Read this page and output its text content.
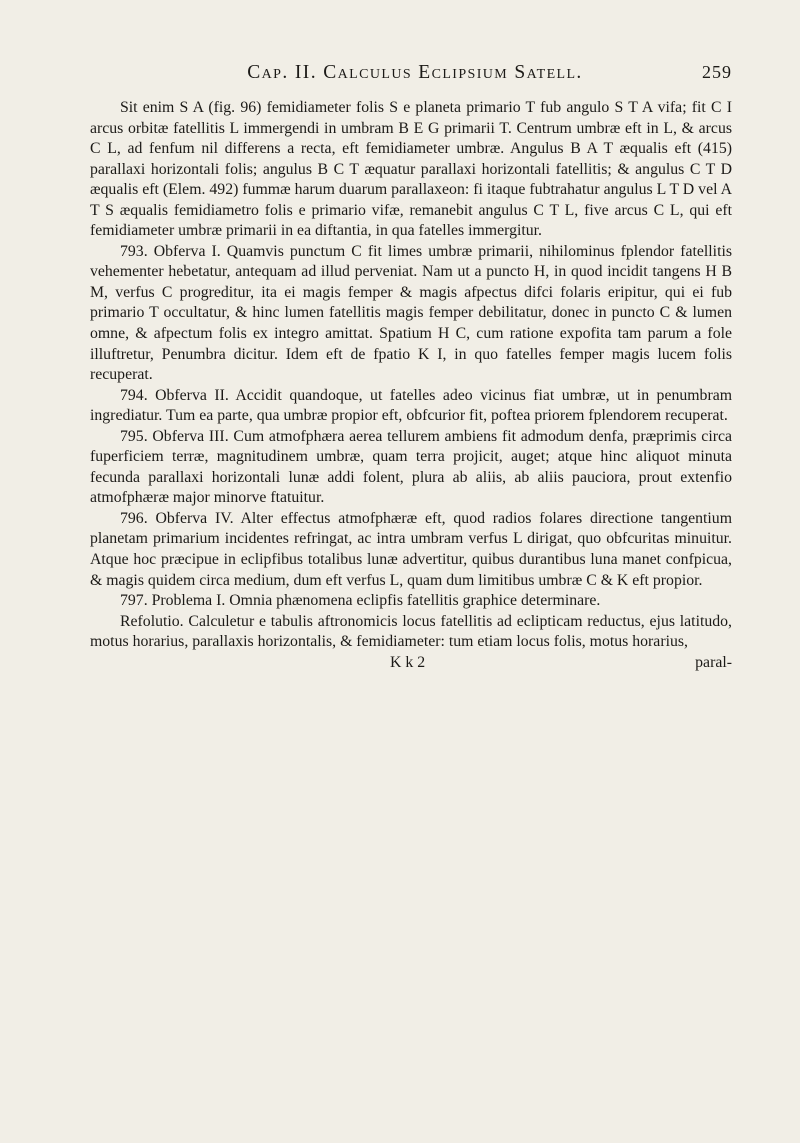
Cap. II. Calculus Eclipsium Satell.	259

Sit enim S A (fig. 96) femidiameter folis S e planeta primario T fub angulo S T A vifa; fit C I arcus orbitæ fatellitis L immergendi in umbram B E G primarii T. Centrum umbræ eft in L, & arcus C L, ad fenfum nil differens a recta, eft femidiameter umbræ. Angulus B A T æqualis eft (415) parallaxi horizontali folis; angulus B C T æquatur parallaxi horizontali fatellitis; & angulus C T D æqualis eft (Elem. 492) fummæ harum duarum parallaxeon: fi itaque fubtrahatur angulus L T D vel A T S æqualis femidiametro folis e primario vifæ, remanebit angulus C T L, five arcus C L, qui eft femidiameter umbræ primarii in ea diftantia, in qua fatelles immergitur.

793. Obferva I. Quamvis punctum C fit limes umbræ primarii, nihilominus fplendor fatellitis vehementer hebetatur, antequam ad illud perveniat. Nam ut a puncto H, in quod incidit tangens H B M, verfus C progreditur, ita ei magis femper & magis afpectus difci folaris eripitur, qui ei fub primario T occultatur, & hinc lumen fatellitis magis femper debilitatur, donec in puncto C & lumen omne, & afpectum folis ex integro amittat. Spatium H C, cum ratione expofita tam parum a fole illuftretur, Penumbra dicitur. Idem eft de fpatio K I, in quo fatelles femper magis lucem folis recuperat.

794. Obferva II. Accidit quandoque, ut fatelles adeo vicinus fiat umbræ, ut in penumbram ingrediatur. Tum ea parte, qua umbræ propior eft, obfcurior fit, poftea priorem fplendorem recuperat.

795. Obferva III. Cum atmofphæra aerea tellurem ambiens fit admodum denfa, præprimis circa fuperficiem terræ, magnitudinem umbræ, quam terra projicit, auget; atque hinc aliquot minuta fecunda parallaxi horizontali lunæ addi folent, plura ab aliis, ab aliis pauciora, prout extenfio atmofphæræ major minorve ftatuitur.

796. Obferva IV. Alter effectus atmofphæræ eft, quod radios folares directione tangentium planetam primarium incidentes refringat, ac intra umbram verfus L dirigat, quo obfcuritas minuitur. Atque hoc præcipue in eclipfibus totalibus lunæ advertitur, quibus durantibus luna manet confpicua, & magis quidem circa medium, dum eft verfus L, quam dum limitibus umbræ C & K eft propior.

797. Problema I. Omnia phænomena eclipfis fatellitis graphice determinare.

Refolutio. Calculetur e tabulis aftronomicis locus fatellitis ad eclipticam reductus, ejus latitudo, motus horarius, parallaxis horizontalis, & femidiameter: tum etiam locus folis, motus horarius,

K k 2	paral-
